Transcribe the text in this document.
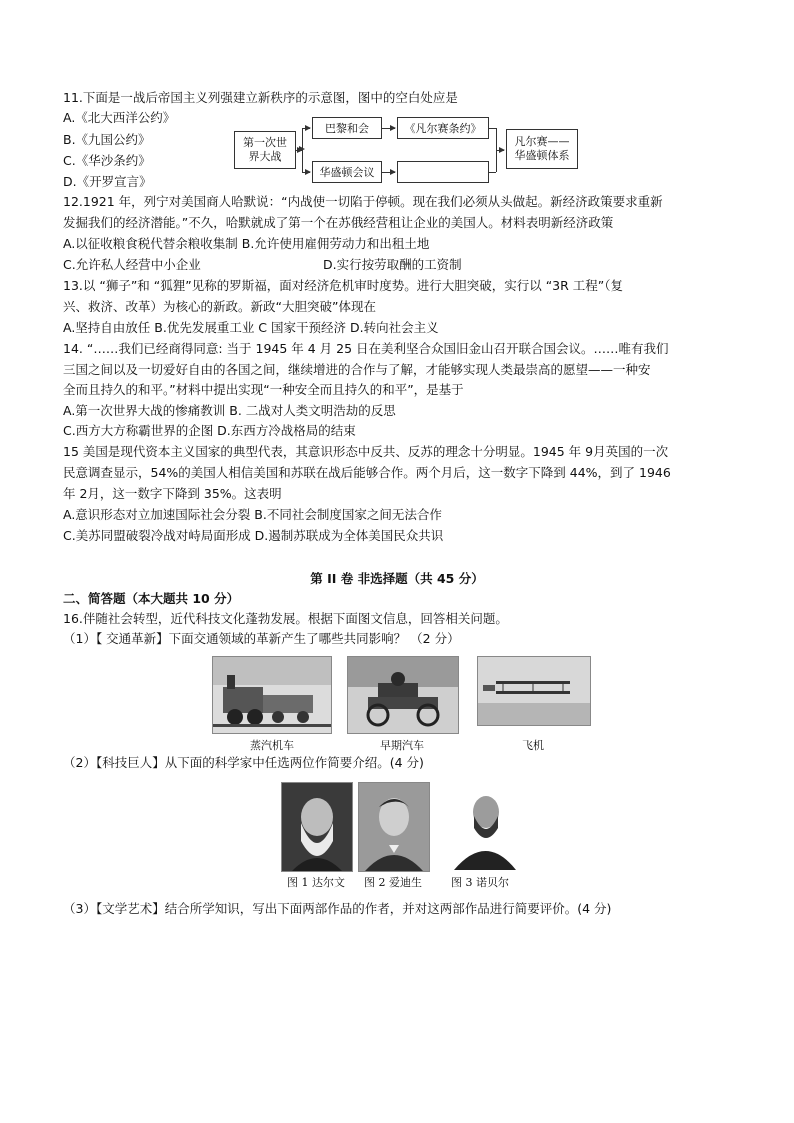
11.下面是一战后帝国主义列强建立新秩序的示意图，图中的空白处应是
A.《北大西洋公约》
B.《九国公约》
C.《华沙条约》
D.《开罗宣言》
第一次世
界大战
巴黎和会	《凡尔赛条约》
华盛顿会议
凡尔赛——
华盛顿体系
12.1921 年，列宁对美国商人哈默说：“内战使一切陷于停顿。现在我们必须从头做起。新经济政策要求重新
发掘我们的经济潜能。”不久，哈默就成了第一个在苏俄经营租让企业的美国人。材料表明新经济政策
A.以征收粮食税代替余粮收集制 B.允许使用雇佣劳动力和出租土地
C.允许私人经营中小企业	D.实行按劳取酬的工资制
13.以 “狮子”和 “狐狸”见称的罗斯福，面对经济危机审时度势。进行大胆突破，实行以 “3R 工程”（复
兴、救济、改革）为核心的新政。新政“大胆突破”体现在
A.坚持自由放任 B.优先发展重工业 C 国家干预经济 D.转向社会主义
14. “……我们已经商得同意: 当于 1945 年 4 月 25 日在美利坚合众国旧金山召开联合国会议。……唯有我们
三国之间以及一切爱好自由的各国之间，继续增进的合作与了解，才能够实现人类最崇高的愿望——一种安
全而且持久的和平。”材料中提出实现“一种安全而且持久的和平”，是基于
A.第一次世界大战的惨痛教训 B. 二战对人类文明浩劫的反思
C.西方大方称霸世界的企图 D.东西方冷战格局的结束
15 美国是现代资本主义国家的典型代表，其意识形态中反共、反苏的理念十分明显。1945 年 9月英国的一次
民意调查显示，54%的美国人相信美国和苏联在战后能够合作。两个月后，这一数字下降到 44%，到了 1946
年 2月，这一数字下降到 35%。这表明
A.意识形态对立加速国际社会分裂 B.不同社会制度国家之间无法合作
C.美苏同盟破裂冷战对峙局面形成 D.遏制苏联成为全体美国民众共识
第 II 卷 非选择题（共 45 分）
二、简答题（本大题共 10 分）
16.伴随社会转型，近代科技文化蓬勃发展。根据下面图文信息，回答相关问题。
（1）【 交通革新】下面交通领域的革新产生了哪些共同影响？ （2 分）
蒸汽机车	早期汽车	飞机
（2）【科技巨人】从下面的科学家中任选两位作简要介绍。(4 分)
图 1 达尔文	图 2 爱迪生	图 3 诺贝尔
（3）【文学艺术】结合所学知识，写出下面两部作品的作者，并对这两部作品进行简要评价。(4 分)
